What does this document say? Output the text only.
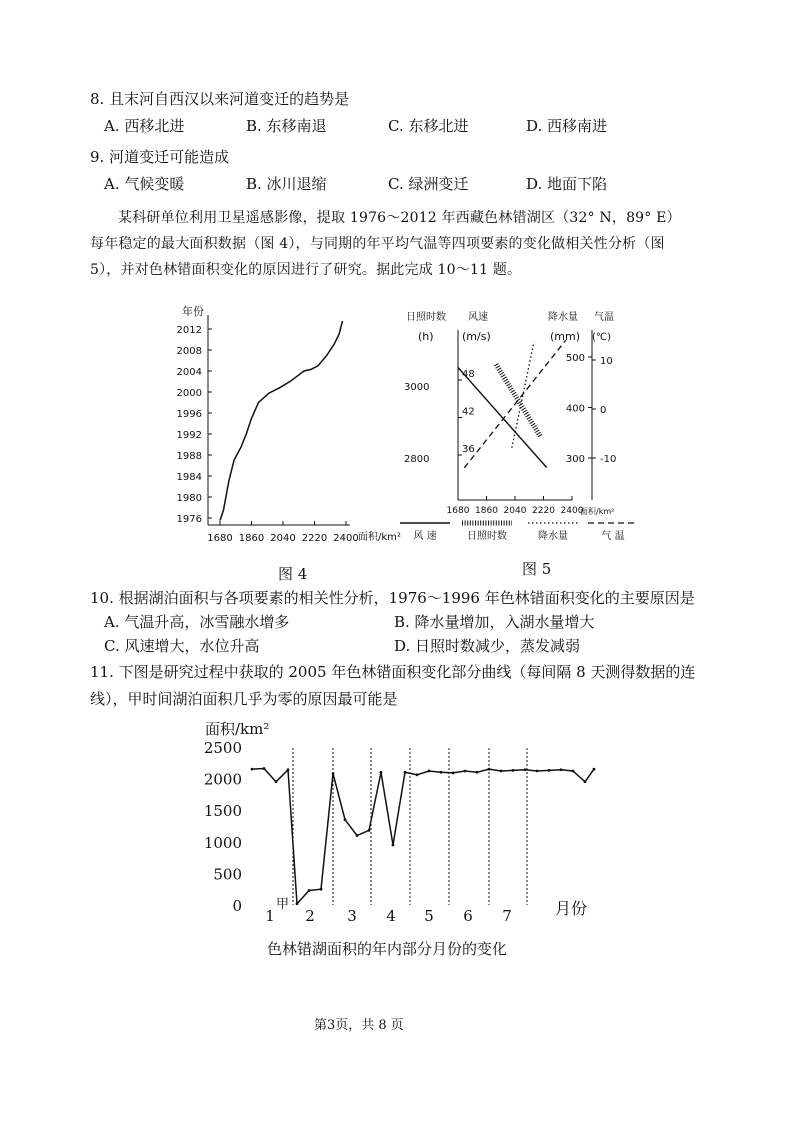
8. 且末河自西汉以来河道变迁的趋势是
A. 西移北进	B. 东移南退	C. 东移北进	D. 西移南进
9. 河道变迁可能造成
A. 气候变暖	B. 冰川退缩	C. 绿洲变迁	D. 地面下陷
某科研单位利用卫星遥感影像，提取 1976～2012 年西藏色林错湖区（32° N，89° E）
每年稳定的最大面积数据（图 4），与同期的年平均气温等四项要素的变化做相关性分析（图
5），并对色林错面积变化的原因进行了研究。据此完成 10～11 题。
年份
1976
1980
1984
1988
1992
1996
2000
2004
2008
2012
1680 1860 2040 2220 2400 面积/km²
图 4
日照时数
(h)
风速
(m/s)
降水量
(mm)
气温
(℃)
1680 1860 2040 2220 2400
2800
3000
36
42
48
300
400
500
-10
0
10
面积/km²
风 速	日照时数	降水量	气 温
图 5
10. 根据湖泊面积与各项要素的相关性分析，1976～1996 年色林错面积变化的主要原因是
A. 气温升高，冰雪融水增多	B. 降水量增加，入湖水量增大
C. 风速增大，水位升高	D. 日照时数减少，蒸发减弱
11. 下图是研究过程中获取的 2005 年色林错面积变化部分曲线（每间隔 8 天测得数据的连
线），甲时间湖泊面积几乎为零的原因最可能是
面积/km²
0
500
1000
1500
2000
2500
1 2 3 4 5 6 7
甲	月份
色林错湖面积的年内部分月份的变化
第3页，共 8 页
